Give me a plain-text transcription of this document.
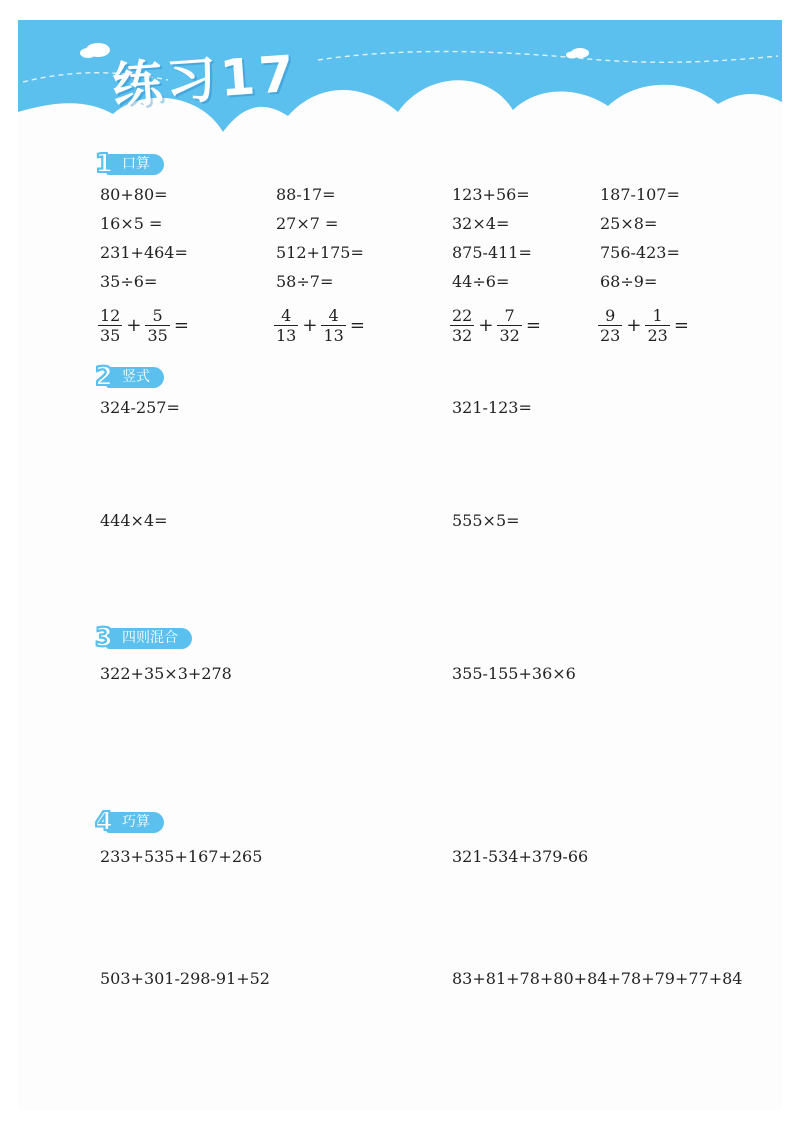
练习17
1 口算
80+80=	88-17=	123+56=	187-107=
16×5 =	27×7 =	32×4=	25×8=
231+464=	512+175=	875-411=	756-423=
35÷6=	58÷7=	44÷6=	68÷9=
$\frac{12}{35} + \frac{5}{35}$ =	$\frac{4}{13} + \frac{4}{13}$ =	$\frac{22}{32} + \frac{7}{32}$ =	$\frac{9}{23} + \frac{1}{23}$ =
2 竖式
324-257=	321-123=
444×4=	555×5=
3 四则混合
322+35×3+278	355-155+36×6
4 巧算
233+535+167+265	321-534+379-66
503+301-298-91+52	83+81+78+80+84+78+79+77+84
